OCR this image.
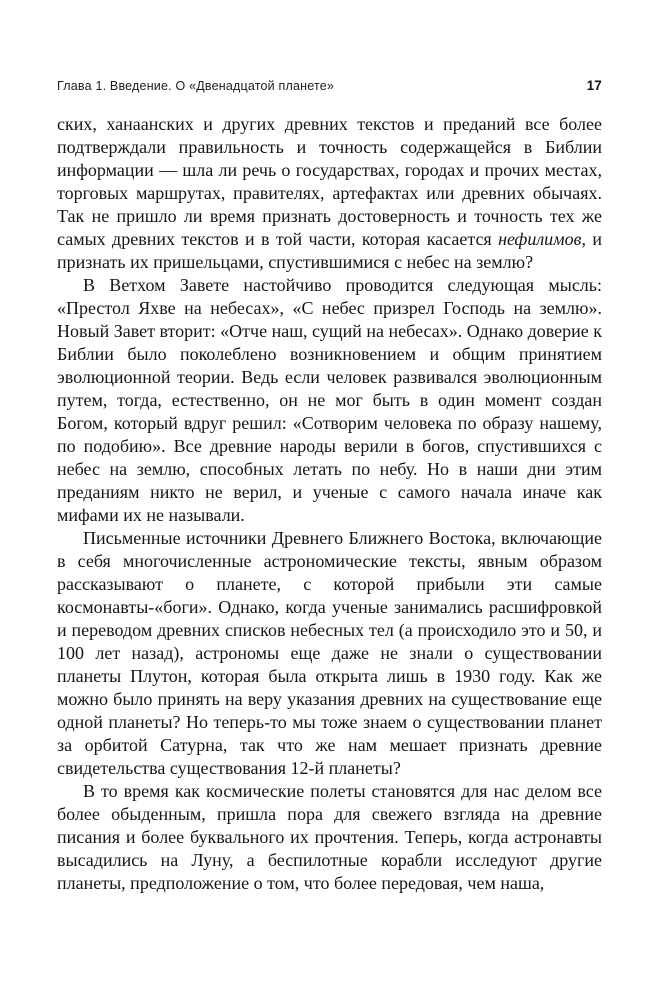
Глава 1. Введение. О «Двенадцатой планете»	17

ских, ханаанских и других древних текстов и преданий все более подтверждали правильность и точность содержащейся в Библии информации — шла ли речь о государствах, городах и прочих местах, торговых маршрутах, правителях, артефактах или древних обычаях. Так не пришло ли время признать достоверность и точность тех же самых древних текстов и в той части, которая касается нефилимов, и признать их пришельцами, спустившимися с небес на землю?

В Ветхом Завете настойчиво проводится следующая мысль: «Престол Яхве на небесах», «С небес призрел Господь на землю». Новый Завет вторит: «Отче наш, сущий на небесах». Однако доверие к Библии было поколеблено возникновением и общим принятием эволюционной теории. Ведь если человек развивался эволюционным путем, тогда, естественно, он не мог быть в один момент создан Богом, который вдруг решил: «Сотворим человека по образу нашему, по подобию». Все древние народы верили в богов, спустившихся с небес на землю, способных летать по небу. Но в наши дни этим преданиям никто не верил, и ученые с самого начала иначе как мифами их не называли.

Письменные источники Древнего Ближнего Востока, включающие в себя многочисленные астрономические тексты, явным образом рассказывают о планете, с которой прибыли эти самые космонавты-«боги». Однако, когда ученые занимались расшифровкой и переводом древних списков небесных тел (а происходило это и 50, и 100 лет назад), астрономы еще даже не знали о существовании планеты Плутон, которая была открыта лишь в 1930 году. Как же можно было принять на веру указания древних на существование еще одной планеты? Но теперь-то мы тоже знаем о существовании планет за орбитой Сатурна, так что же нам мешает признать древние свидетельства существования 12-й планеты?

В то время как космические полеты становятся для нас делом все более обыденным, пришла пора для свежего взгляда на древние писания и более буквального их прочтения. Теперь, когда астронавты высадились на Луну, а беспилотные корабли исследуют другие планеты, предположение о том, что более передовая, чем наша,
